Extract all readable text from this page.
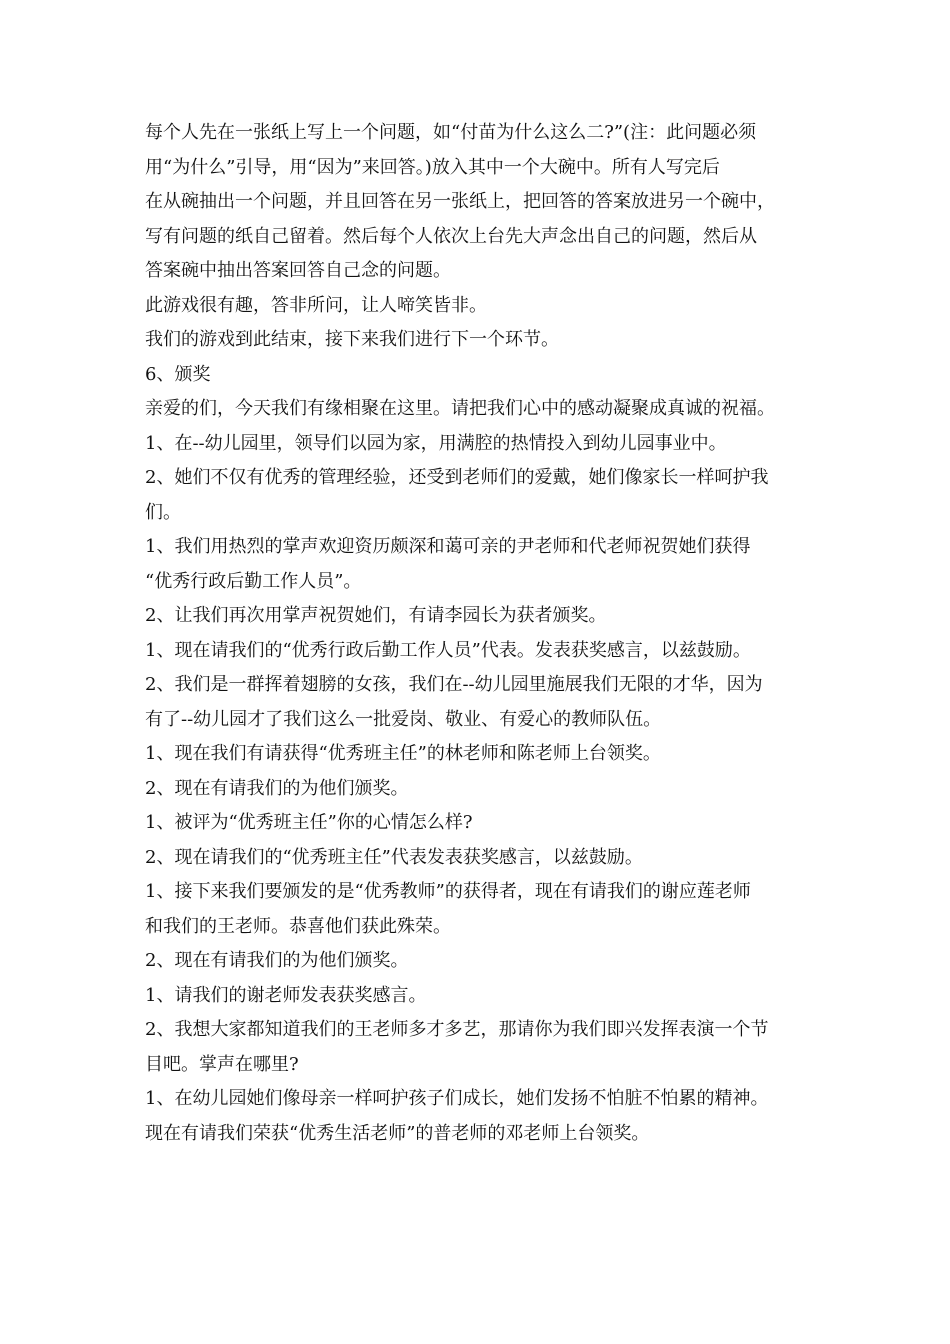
每个人先在一张纸上写上一个问题，如“付苗为什么这么二?”(注：此问题必须
用“为什么”引导，用“因为”来回答。)放入其中一个大碗中。所有人写完后
在从碗抽出一个问题，并且回答在另一张纸上，把回答的答案放进另一个碗中，
写有问题的纸自己留着。然后每个人依次上台先大声念出自己的问题，然后从
答案碗中抽出答案回答自己念的问题。
此游戏很有趣，答非所问，让人啼笑皆非。
我们的游戏到此结束，接下来我们进行下一个环节。
6、颁奖
亲爱的们，今天我们有缘相聚在这里。请把我们心中的感动凝聚成真诚的祝福。
1、在--幼儿园里，领导们以园为家，用满腔的热情投入到幼儿园事业中。
2、她们不仅有优秀的管理经验，还受到老师们的爱戴，她们像家长一样呵护我
们。
1、我们用热烈的掌声欢迎资历颇深和蔼可亲的尹老师和代老师祝贺她们获得
“优秀行政后勤工作人员”。
2、让我们再次用掌声祝贺她们，有请李园长为获者颁奖。
1、现在请我们的“优秀行政后勤工作人员”代表。发表获奖感言，以兹鼓励。
2、我们是一群挥着翅膀的女孩，我们在--幼儿园里施展我们无限的才华，因为
有了--幼儿园才了我们这么一批爱岗、敬业、有爱心的教师队伍。
1、现在我们有请获得“优秀班主任”的林老师和陈老师上台领奖。
2、现在有请我们的为他们颁奖。
1、被评为“优秀班主任”你的心情怎么样?
2、现在请我们的“优秀班主任”代表发表获奖感言，以兹鼓励。
1、接下来我们要颁发的是“优秀教师”的获得者，现在有请我们的谢应莲老师
和我们的王老师。恭喜他们获此殊荣。
2、现在有请我们的为他们颁奖。
1、请我们的谢老师发表获奖感言。
2、我想大家都知道我们的王老师多才多艺，那请你为我们即兴发挥表演一个节
目吧。掌声在哪里?
1、在幼儿园她们像母亲一样呵护孩子们成长，她们发扬不怕脏不怕累的精神。
现在有请我们荣获“优秀生活老师”的普老师的邓老师上台领奖。
